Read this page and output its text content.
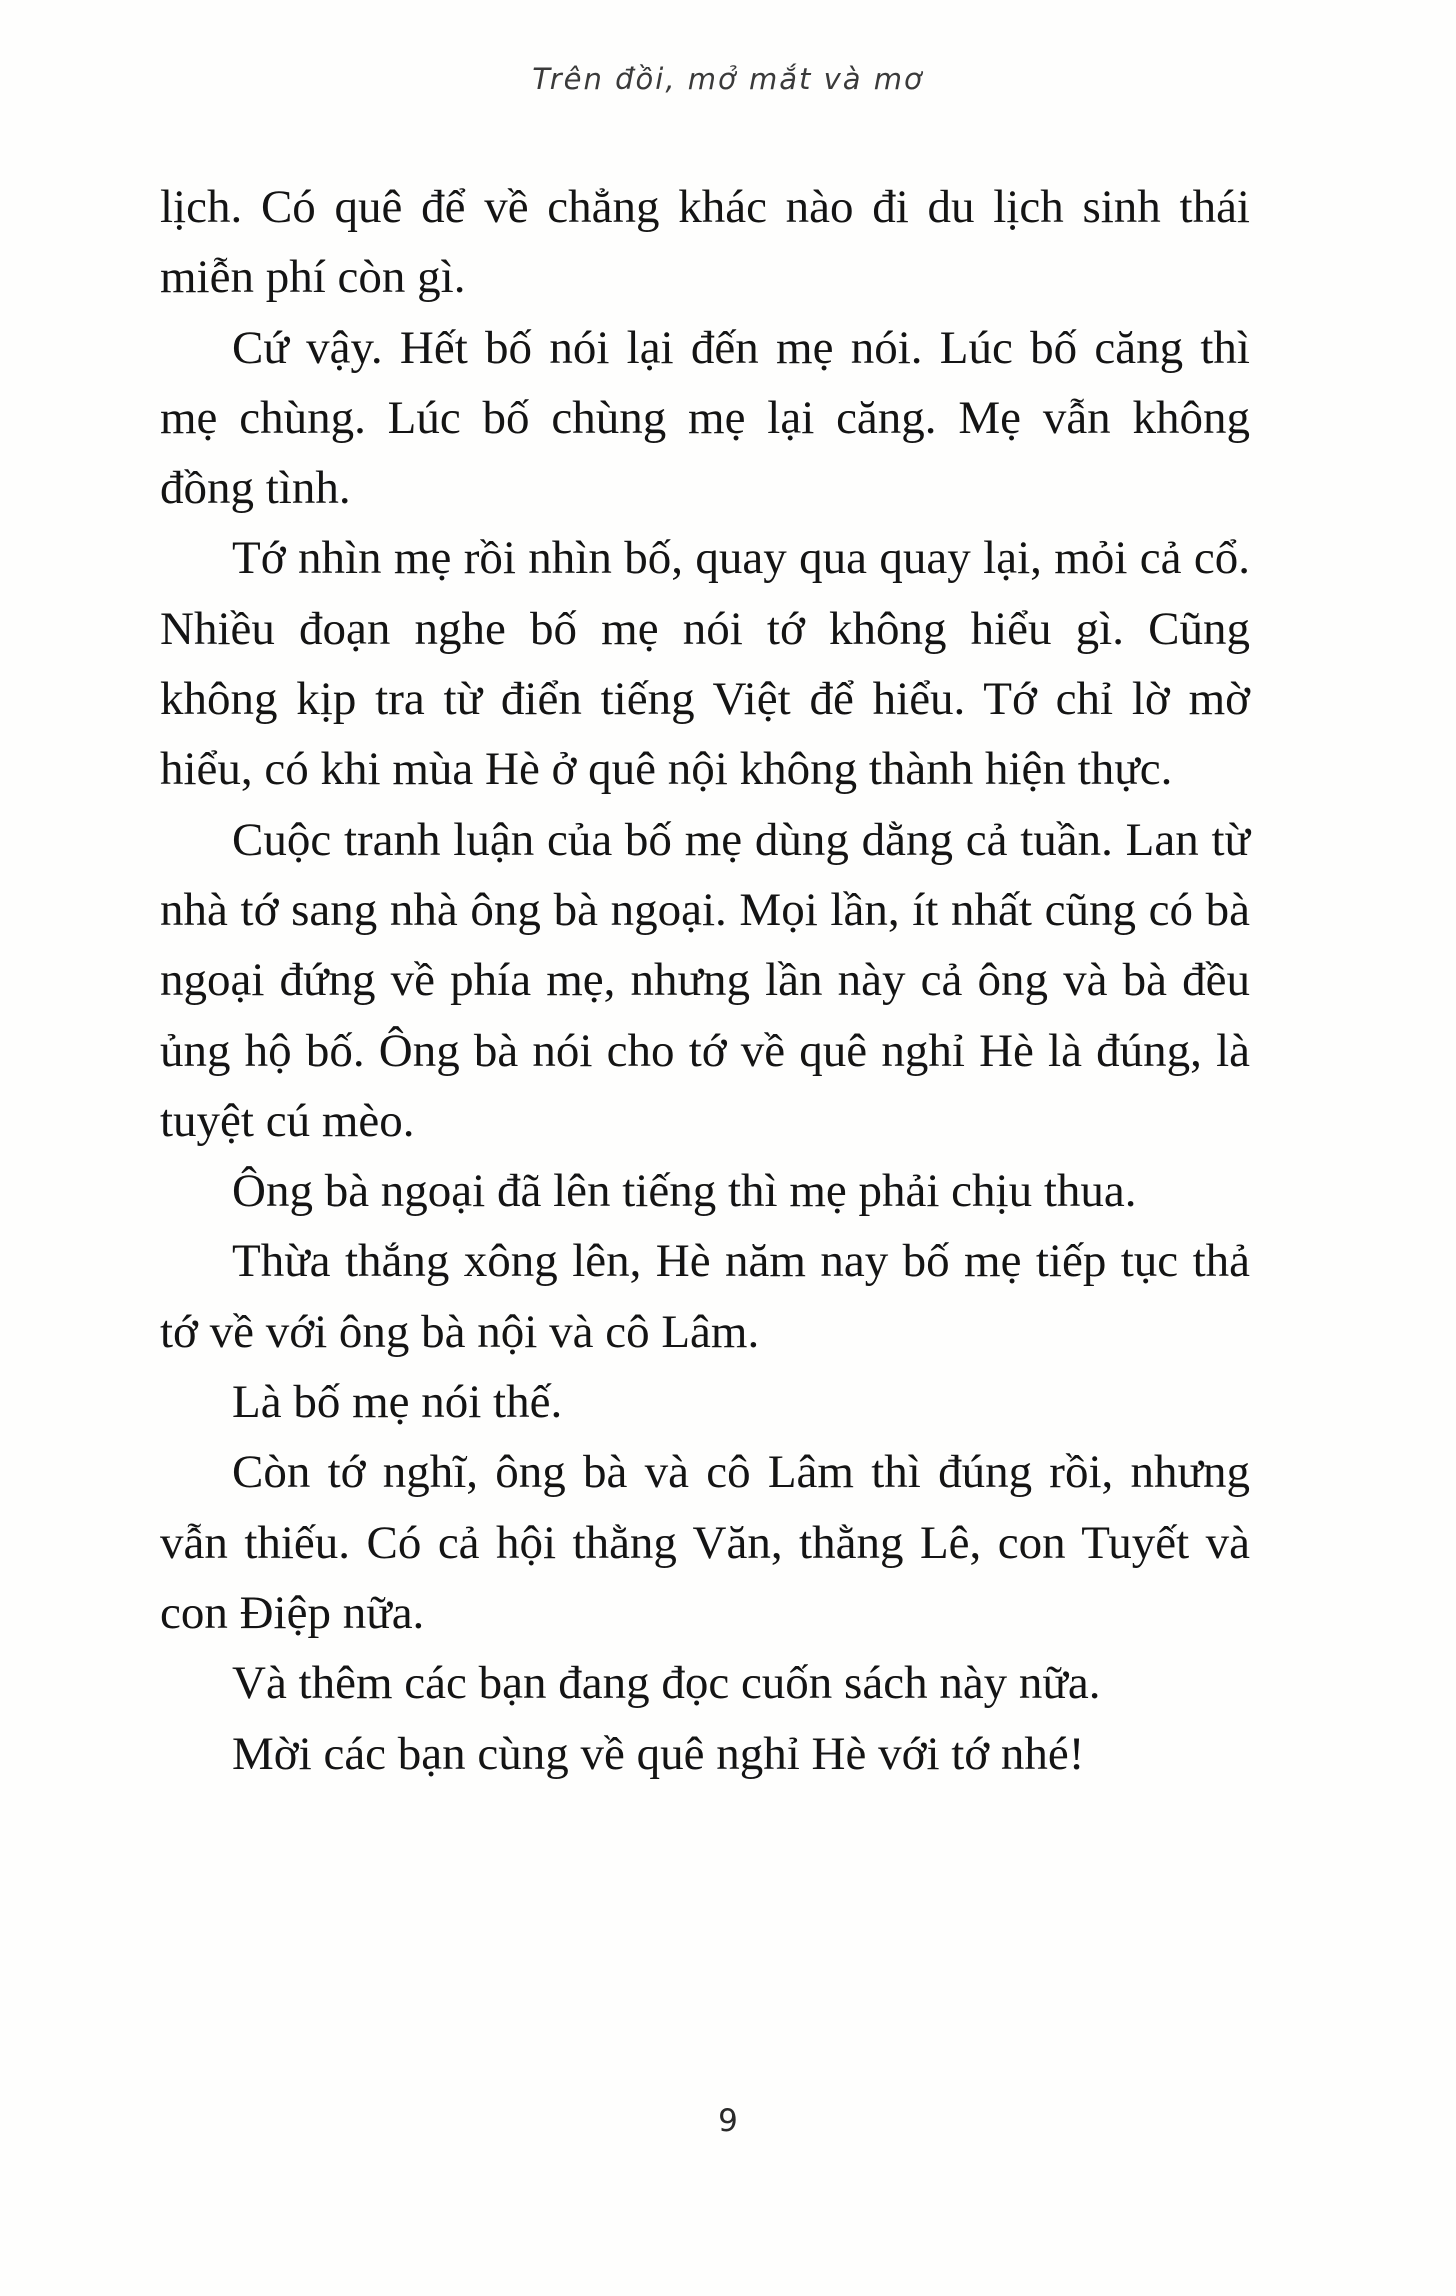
Trên đồi, mở mắt và mơ

lịch. Có quê để về chẳng khác nào đi du lịch sinh thái miễn phí còn gì.

Cứ vậy. Hết bố nói lại đến mẹ nói. Lúc bố căng thì mẹ chùng. Lúc bố chùng mẹ lại căng. Mẹ vẫn không đồng tình.

Tớ nhìn mẹ rồi nhìn bố, quay qua quay lại, mỏi cả cổ. Nhiều đoạn nghe bố mẹ nói tớ không hiểu gì. Cũng không kịp tra từ điển tiếng Việt để hiểu. Tớ chỉ lờ mờ hiểu, có khi mùa Hè ở quê nội không thành hiện thực.

Cuộc tranh luận của bố mẹ dùng dằng cả tuần. Lan từ nhà tớ sang nhà ông bà ngoại. Mọi lần, ít nhất cũng có bà ngoại đứng về phía mẹ, nhưng lần này cả ông và bà đều ủng hộ bố. Ông bà nói cho tớ về quê nghỉ Hè là đúng, là tuyệt cú mèo.

Ông bà ngoại đã lên tiếng thì mẹ phải chịu thua.

Thừa thắng xông lên, Hè năm nay bố mẹ tiếp tục thả tớ về với ông bà nội và cô Lâm.

Là bố mẹ nói thế.

Còn tớ nghĩ, ông bà và cô Lâm thì đúng rồi, nhưng vẫn thiếu. Có cả hội thằng Văn, thằng Lê, con Tuyết và con Điệp nữa.

Và thêm các bạn đang đọc cuốn sách này nữa.

Mời các bạn cùng về quê nghỉ Hè với tớ nhé!

9
